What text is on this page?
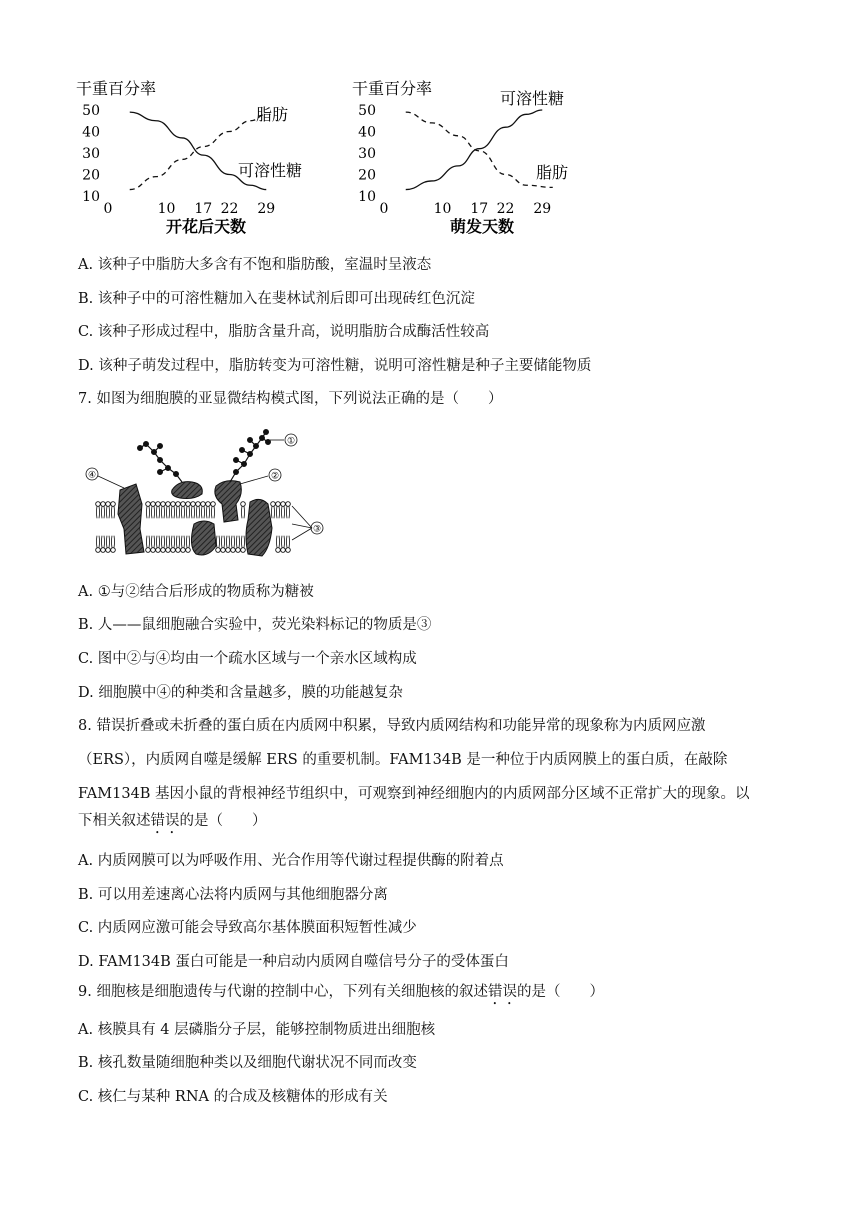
干重百分率
10
20
30
40
50
0	10 17 22 29
开花后天数
脂肪
可溶性糖
干重百分率
10
20
30
40
50
0	10 17 22 29
萌发天数
脂肪
可溶性糖
A. 该种子中脂肪大多含有不饱和脂肪酸，室温时呈液态
B. 该种子中的可溶性糖加入在斐林试剂后即可出现砖红色沉淀
C. 该种子形成过程中，脂肪含量升高，说明脂肪合成酶活性较高
D. 该种子萌发过程中，脂肪转变为可溶性糖，说明可溶性糖是种子主要储能物质
7. 如图为细胞膜的亚显微结构模式图，下列说法正确的是（　　）
①
②
③
④
A. ①与②结合后形成的物质称为糖被
B. 人——鼠细胞融合实验中，荧光染料标记的物质是③
C. 图中②与④均由一个疏水区域与一个亲水区域构成
D. 细胞膜中④的种类和含量越多，膜的功能越复杂
8. 错误折叠或未折叠的蛋白质在内质网中积累，导致内质网结构和功能异常的现象称为内质网应激
（ERS），内质网自噬是缓解 ERS 的重要机制。FAM134B 是一种位于内质网膜上的蛋白质，在敲除
FAM134B 基因小鼠的背根神经节组织中，可观察到神经细胞内的内质网部分区域不正常扩大的现象。以
下相关叙述错误的是（　　）
A. 内质网膜可以为呼吸作用、光合作用等代谢过程提供酶的附着点
B. 可以用差速离心法将内质网与其他细胞器分离
C. 内质网应激可能会导致高尔基体膜面积短暂性减少
D. FAM134B 蛋白可能是一种启动内质网自噬信号分子的受体蛋白
9. 细胞核是细胞遗传与代谢的控制中心，下列有关细胞核的叙述错误的是（　　）
A. 核膜具有 4 层磷脂分子层，能够控制物质进出细胞核
B. 核孔数量随细胞种类以及细胞代谢状况不同而改变
C. 核仁与某种 RNA 的合成及核糖体的形成有关
